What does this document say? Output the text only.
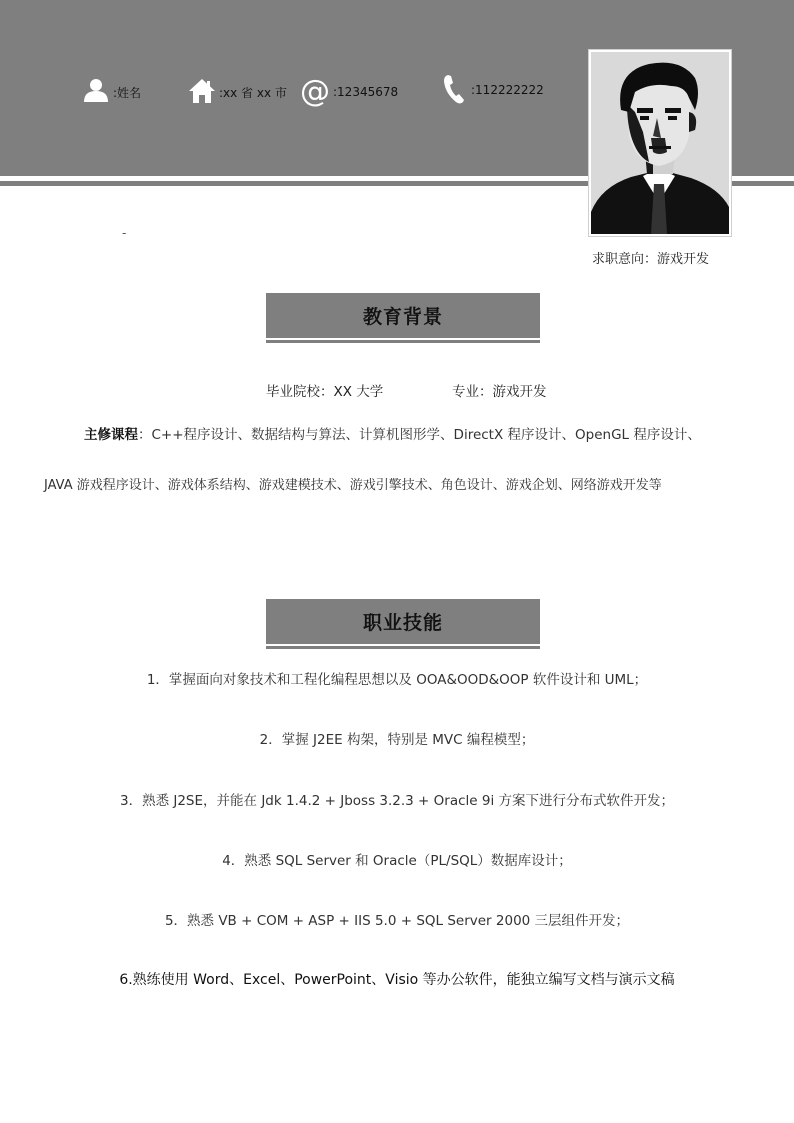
:姓名	:xx 省 xx 市 @ :12345678	:112222222
-
求职意向：游戏开发
教育背景
毕业院校：XX 大学	专业：游戏开发
主修课程：C++程序设计、数据结构与算法、计算机图形学、DirectX 程序设计、OpenGL 程序设计、
JAVA 游戏程序设计、游戏体系结构、游戏建模技术、游戏引擎技术、角色设计、游戏企划、网络游戏开发等
职业技能
1．掌握面向对象技术和工程化编程思想以及 OOA&OOD&OOP 软件设计和 UML；
2．掌握 J2EE 构架，特别是 MVC 编程模型；
3．熟悉 J2SE，并能在 Jdk 1.4.2 + Jboss 3.2.3 + Oracle 9i 方案下进行分布式软件开发；
4．熟悉 SQL Server 和 Oracle（PL/SQL）数据库设计；
5．熟悉 VB + COM + ASP + IIS 5.0 + SQL Server 2000 三层组件开发；
6.熟练使用 Word、Excel、PowerPoint、Visio 等办公软件，能独立编写文档与演示文稿
